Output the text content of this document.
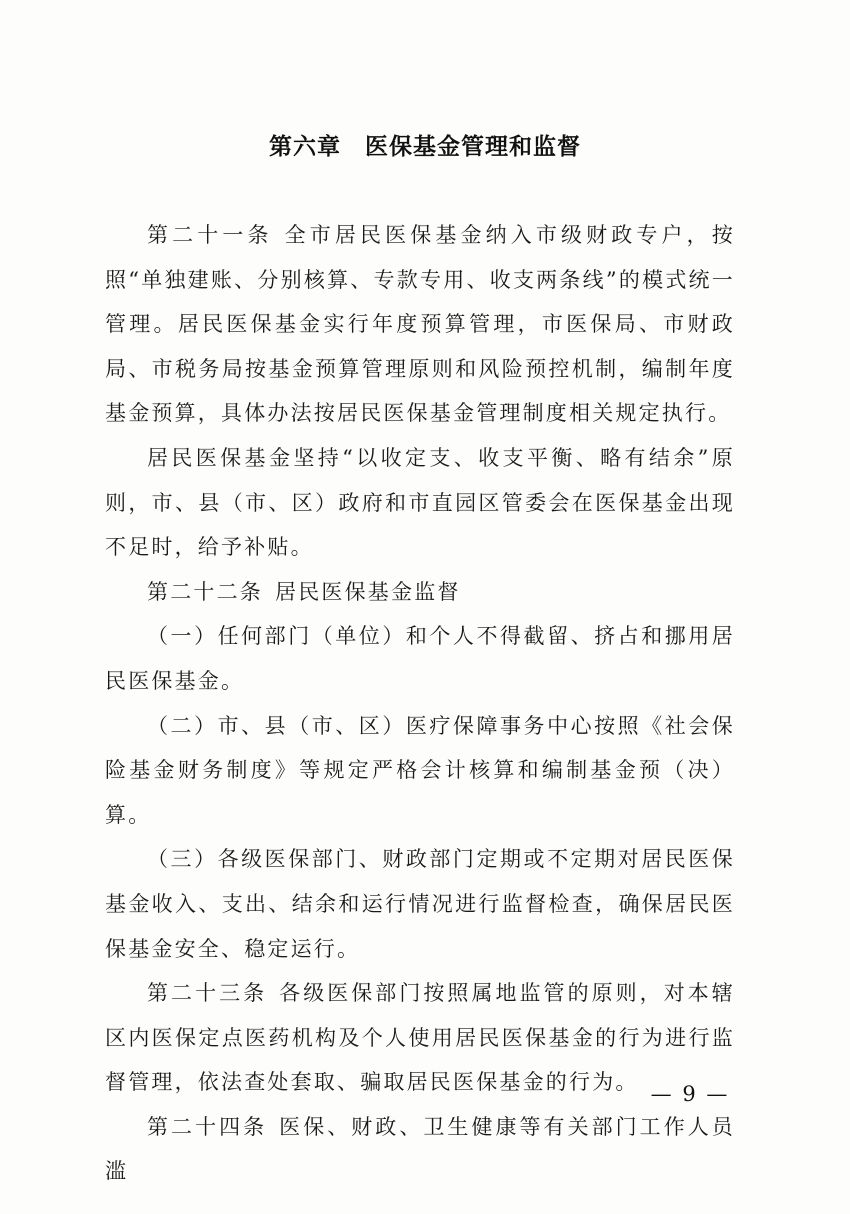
第六章　医保基金管理和监督

第二十一条 全市居民医保基金纳入市级财政专户，按照“单独建账、分别核算、专款专用、收支两条线”的模式统一管理。居民医保基金实行年度预算管理，市医保局、市财政局、市税务局按基金预算管理原则和风险预控机制，编制年度基金预算，具体办法按居民医保基金管理制度相关规定执行。

居民医保基金坚持“以收定支、收支平衡、略有结余”原则，市、县（市、区）政府和市直园区管委会在医保基金出现不足时，给予补贴。

第二十二条 居民医保基金监督

（一）任何部门（单位）和个人不得截留、挤占和挪用居民医保基金。

（二）市、县（市、区）医疗保障事务中心按照《社会保险基金财务制度》等规定严格会计核算和编制基金预（决）算。

（三）各级医保部门、财政部门定期或不定期对居民医保基金收入、支出、结余和运行情况进行监督检查，确保居民医保基金安全、稳定运行。

第二十三条 各级医保部门按照属地监管的原则，对本辖区内医保定点医药机构及个人使用居民医保基金的行为进行监督管理，依法查处套取、骗取居民医保基金的行为。

第二十四条 医保、财政、卫生健康等有关部门工作人员滥

— 9 —
